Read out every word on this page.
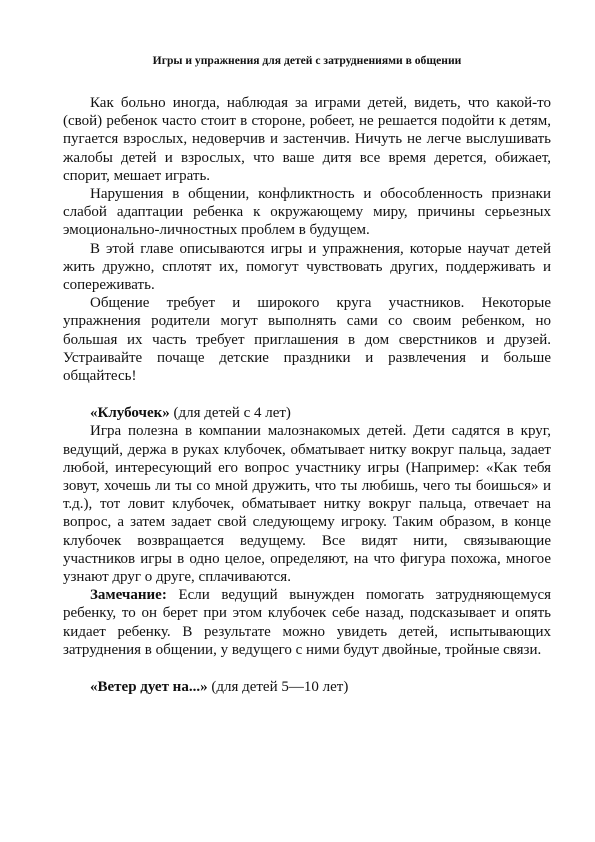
Игры и упражнения для детей с затруднениями в общении

Как больно иногда, наблюдая за играми детей, видеть, что какой-то (свой) ребенок часто стоит в стороне, робеет, не решается подойти к детям, пугается взрослых, недоверчив и застенчив. Ничуть не легче выслушивать жалобы детей и взрослых, что ваше дитя все время дерется, обижает, спорит, мешает играть.

Нарушения в общении, конфликтность и обособленность признаки слабой адаптации ребенка к окружающему миру, причины серьезных эмоционально-личностных проблем в будущем.

В этой главе описываются игры и упражнения, которые научат детей жить дружно, сплотят их, помогут чувствовать других, поддерживать и сопереживать.

Общение требует и широкого круга участников. Некоторые упражнения родители могут выполнять сами со своим ребенком, но большая их часть требует приглашения в дом сверстников и друзей. Устраивайте почаще детские праздники и развлечения и больше общайтесь!

«Клубочек» (для детей с 4 лет)

Игра полезна в компании малознакомых детей. Дети садятся в круг, ведущий, держа в руках клубочек, обматывает нитку вокруг пальца, задает любой, интересующий его вопрос участнику игры (Например: «Как тебя зовут, хочешь ли ты со мной дружить, что ты любишь, чего ты боишься» и т.д.), тот ловит клубочек, обматывает нитку вокруг пальца, отвечает на вопрос, а затем задает свой следующему игроку. Таким образом, в конце клубочек возвращается ведущему. Все видят нити, связывающие участников игры в одно целое, определяют, на что фигура похожа, многое узнают друг о друге, сплачиваются.

Замечание: Если ведущий вынужден помогать затрудняющемуся ребенку, то он берет при этом клубочек себе назад, подсказывает и опять кидает ребенку. В результате можно увидеть детей, испытывающих затруднения в общении, у ведущего с ними будут двойные, тройные связи.

«Ветер дует на...» (для детей 5—10 лет)
